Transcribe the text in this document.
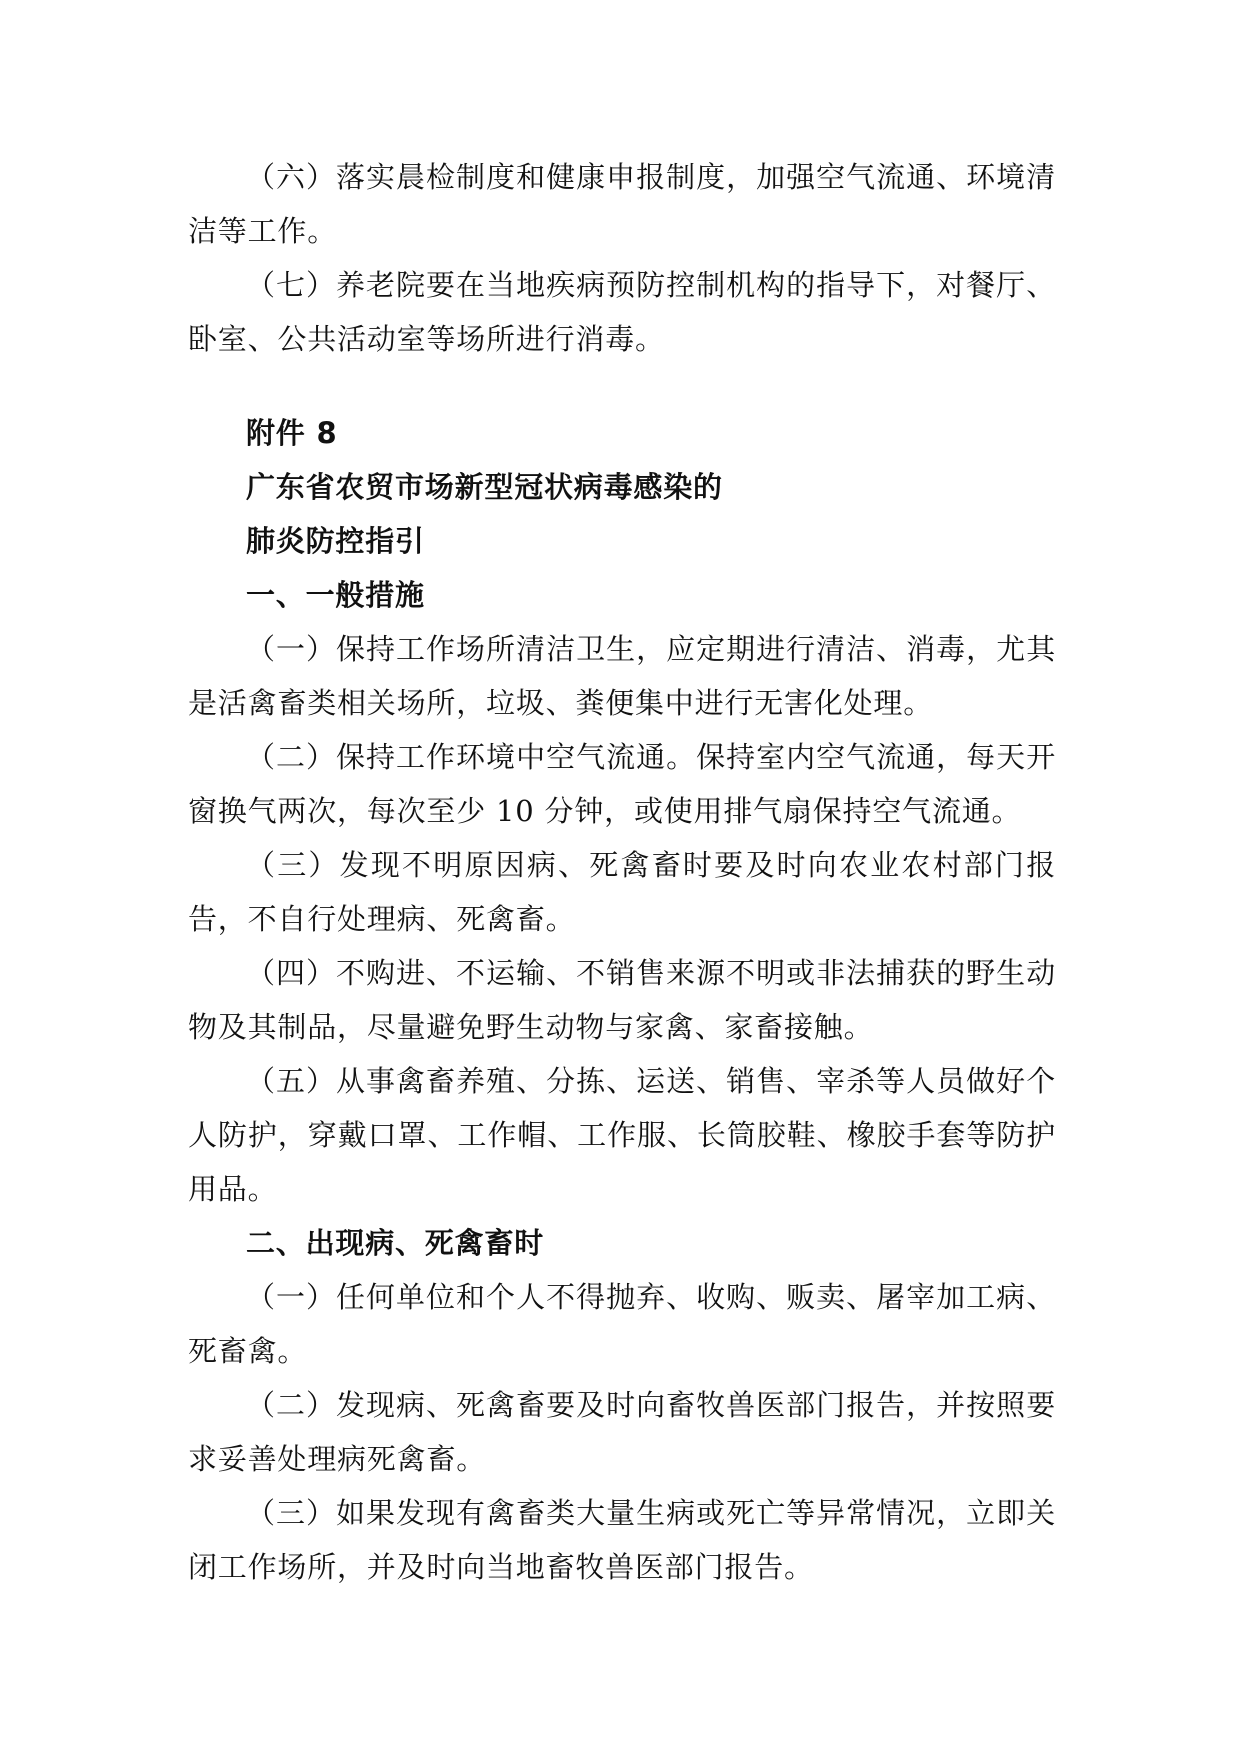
（六）落实晨检制度和健康申报制度，加强空气流通、环境清洁等工作。

（七）养老院要在当地疾病预防控制机构的指导下，对餐厅、卧室、公共活动室等场所进行消毒。

附件 8

广东省农贸市场新型冠状病毒感染的

肺炎防控指引

一、一般措施

（一）保持工作场所清洁卫生，应定期进行清洁、消毒，尤其是活禽畜类相关场所，垃圾、粪便集中进行无害化处理。

（二）保持工作环境中空气流通。保持室内空气流通，每天开窗换气两次，每次至少 10 分钟，或使用排气扇保持空气流通。

（三）发现不明原因病、死禽畜时要及时向农业农村部门报告，不自行处理病、死禽畜。

（四）不购进、不运输、不销售来源不明或非法捕获的野生动物及其制品，尽量避免野生动物与家禽、家畜接触。

（五）从事禽畜养殖、分拣、运送、销售、宰杀等人员做好个人防护，穿戴口罩、工作帽、工作服、长筒胶鞋、橡胶手套等防护用品。

二、出现病、死禽畜时

（一）任何单位和个人不得抛弃、收购、贩卖、屠宰加工病、死畜禽。

（二）发现病、死禽畜要及时向畜牧兽医部门报告，并按照要求妥善处理病死禽畜。

（三）如果发现有禽畜类大量生病或死亡等异常情况，立即关闭工作场所，并及时向当地畜牧兽医部门报告。
